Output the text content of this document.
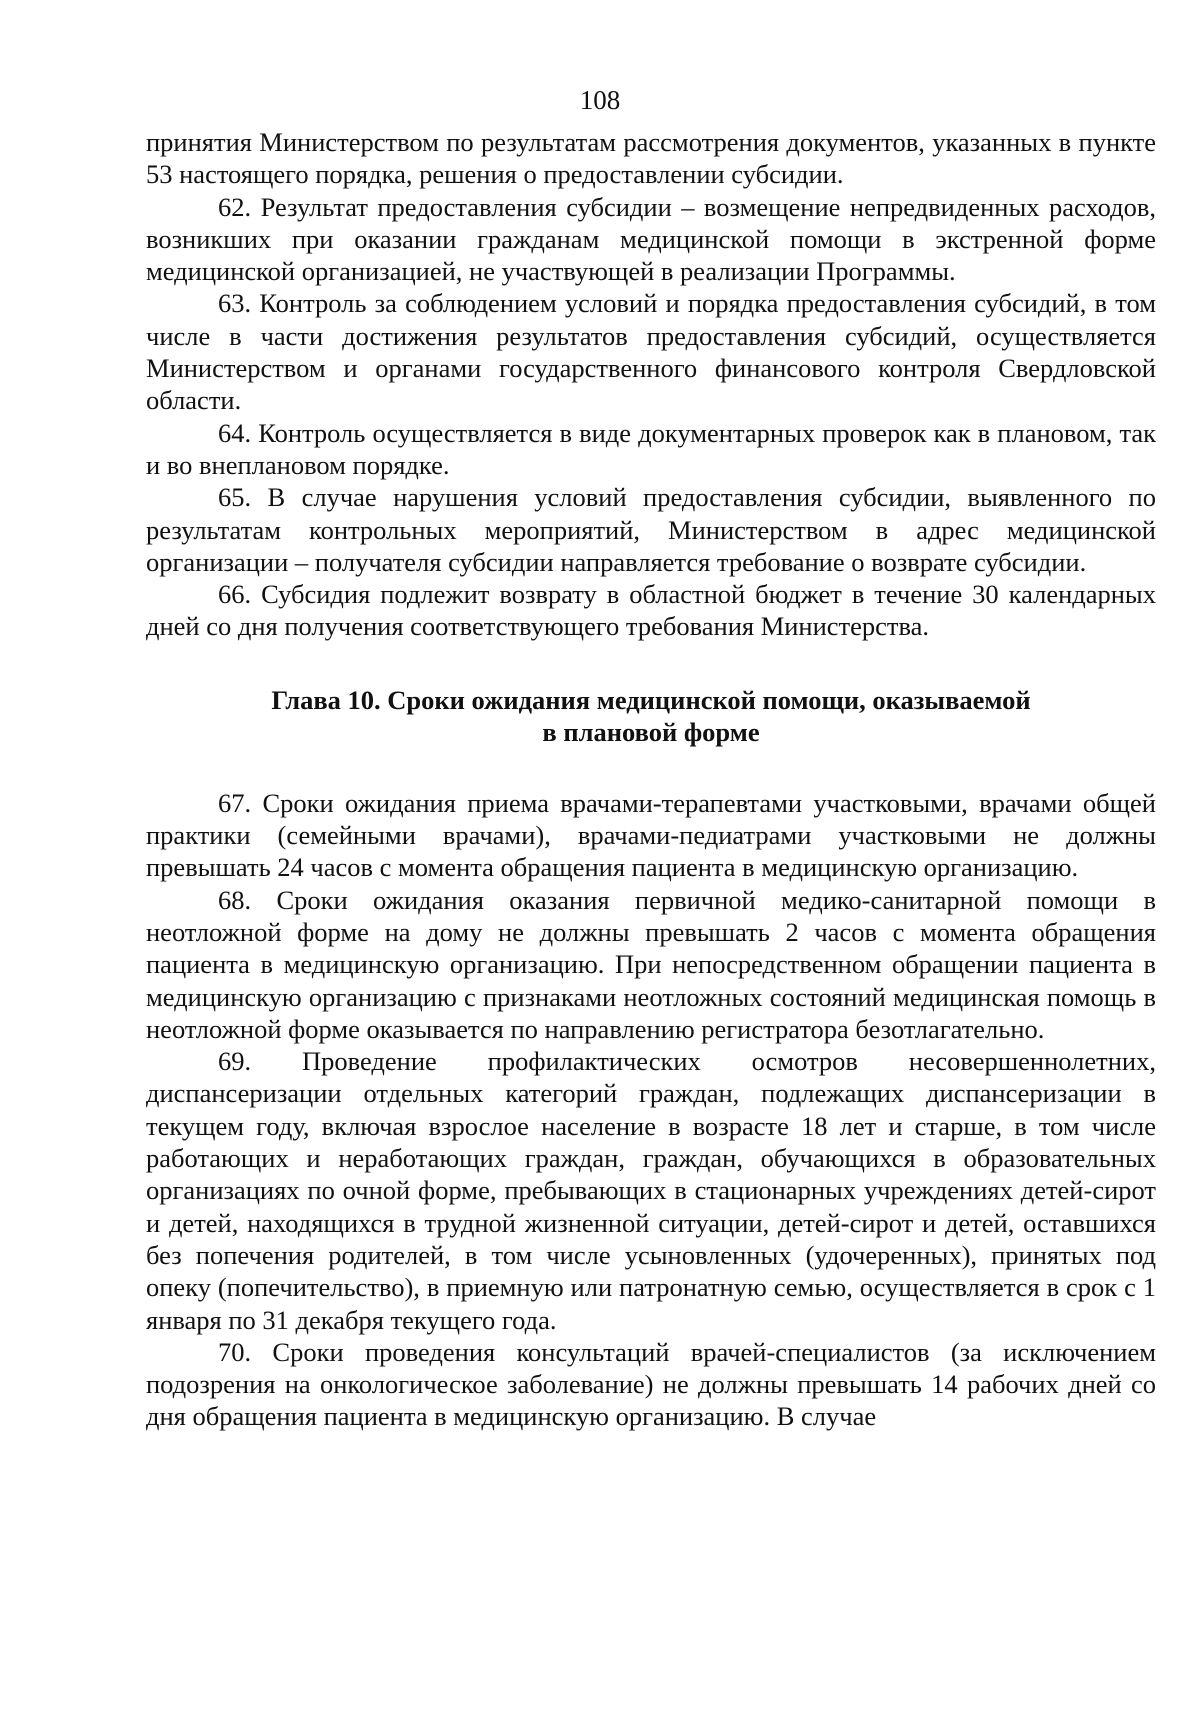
108

принятия Министерством по результатам рассмотрения документов, указанных в пункте 53 настоящего порядка, решения о предоставлении субсидии.

62. Результат предоставления субсидии – возмещение непредвиденных расходов, возникших при оказании гражданам медицинской помощи в экстренной форме медицинской организацией, не участвующей в реализации Программы.

63. Контроль за соблюдением условий и порядка предоставления субсидий, в том числе в части достижения результатов предоставления субсидий, осуществляется Министерством и органами государственного финансового контроля Свердловской области.

64. Контроль осуществляется в виде документарных проверок как в плановом, так и во внеплановом порядке.

65. В случае нарушения условий предоставления субсидии, выявленного по результатам контрольных мероприятий, Министерством в адрес медицинской организации – получателя субсидии направляется требование о возврате субсидии.

66. Субсидия подлежит возврату в областной бюджет в течение 30 календарных дней со дня получения соответствующего требования Министерства.

Глава 10. Сроки ожидания медицинской помощи, оказываемой
в плановой форме

67. Сроки ожидания приема врачами-терапевтами участковыми, врачами общей практики (семейными врачами), врачами-педиатрами участковыми не должны превышать 24 часов с момента обращения пациента в медицинскую организацию.

68. Сроки ожидания оказания первичной медико-санитарной помощи в неотложной форме на дому не должны превышать 2 часов с момента обращения пациента в медицинскую организацию. При непосредственном обращении пациента в медицинскую организацию с признаками неотложных состояний медицинская помощь в неотложной форме оказывается по направлению регистратора безотлагательно.

69. Проведение профилактических осмотров несовершеннолетних, диспансеризации отдельных категорий граждан, подлежащих диспансеризации в текущем году, включая взрослое население в возрасте 18 лет и старше, в том числе работающих и неработающих граждан, граждан, обучающихся в образовательных организациях по очной форме, пребывающих в стационарных учреждениях детей-сирот и детей, находящихся в трудной жизненной ситуации, детей-сирот и детей, оставшихся без попечения родителей, в том числе усыновленных (удочеренных), принятых под опеку (попечительство), в приемную или патронатную семью, осуществляется в срок с 1 января по 31 декабря текущего года.

70. Сроки проведения консультаций врачей-специалистов (за исключением подозрения на онкологическое заболевание) не должны превышать 14 рабочих дней со дня обращения пациента в медицинскую организацию. В случае
